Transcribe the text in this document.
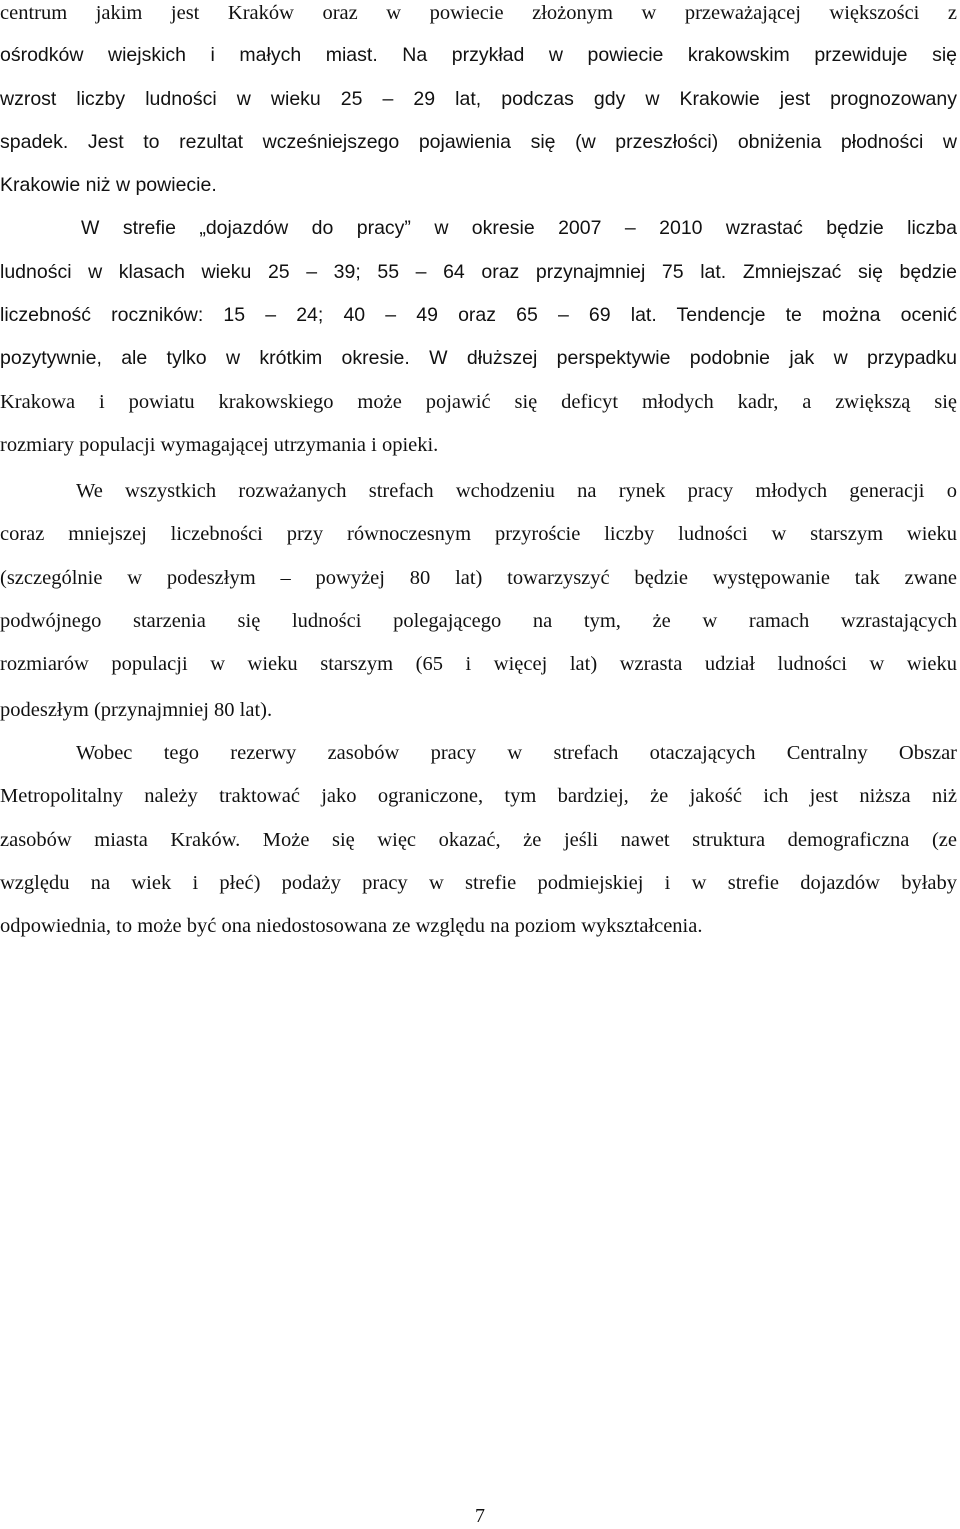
centrum jakim jest Kraków oraz w powiecie złożonym w przeważającej większości z
ośrodków wiejskich i małych miast. Na przykład w powiecie krakowskim przewiduje się
wzrost liczby ludności w wieku 25 – 29 lat, podczas gdy w Krakowie jest prognozowany
spadek. Jest to rezultat wcześniejszego pojawienia się (w przeszłości) obniżenia płodności w
Krakowie niż w powiecie.
W strefie „dojazdów do pracy” w okresie 2007 – 2010 wzrastać będzie liczba
ludności w klasach wieku 25 – 39; 55 – 64 oraz przynajmniej 75 lat. Zmniejszać się będzie
liczebność roczników: 15 – 24; 40 – 49 oraz 65 – 69 lat. Tendencje te można ocenić
pozytywnie, ale tylko w krótkim okresie. W dłuższej perspektywie podobnie jak w przypadku
Krakowa i powiatu krakowskiego może pojawić się deficyt młodych kadr, a zwiększą się
rozmiary populacji wymagającej utrzymania i opieki.
We wszystkich rozważanych strefach wchodzeniu na rynek pracy młodych generacji o
coraz mniejszej liczebności przy równoczesnym przyroście liczby ludności w starszym wieku
(szczególnie w podeszłym – powyżej 80 lat) towarzyszyć będzie występowanie tak zwane
podwójnego starzenia się ludności polegającego na tym, że w ramach wzrastających
rozmiarów populacji w wieku starszym (65 i więcej lat) wzrasta udział ludności w wieku
podeszłym (przynajmniej 80 lat).
Wobec tego rezerwy zasobów pracy w strefach otaczających Centralny Obszar
Metropolitalny należy traktować jako ograniczone, tym bardziej, że jakość ich jest niższa niż
zasobów miasta Kraków. Może się więc okazać, że jeśli nawet struktura demograficzna (ze
względu na wiek i płeć) podaży pracy w strefie podmiejskiej i w strefie dojazdów byłaby
odpowiednia, to może być ona niedostosowana ze względu na poziom wykształcenia.
7
